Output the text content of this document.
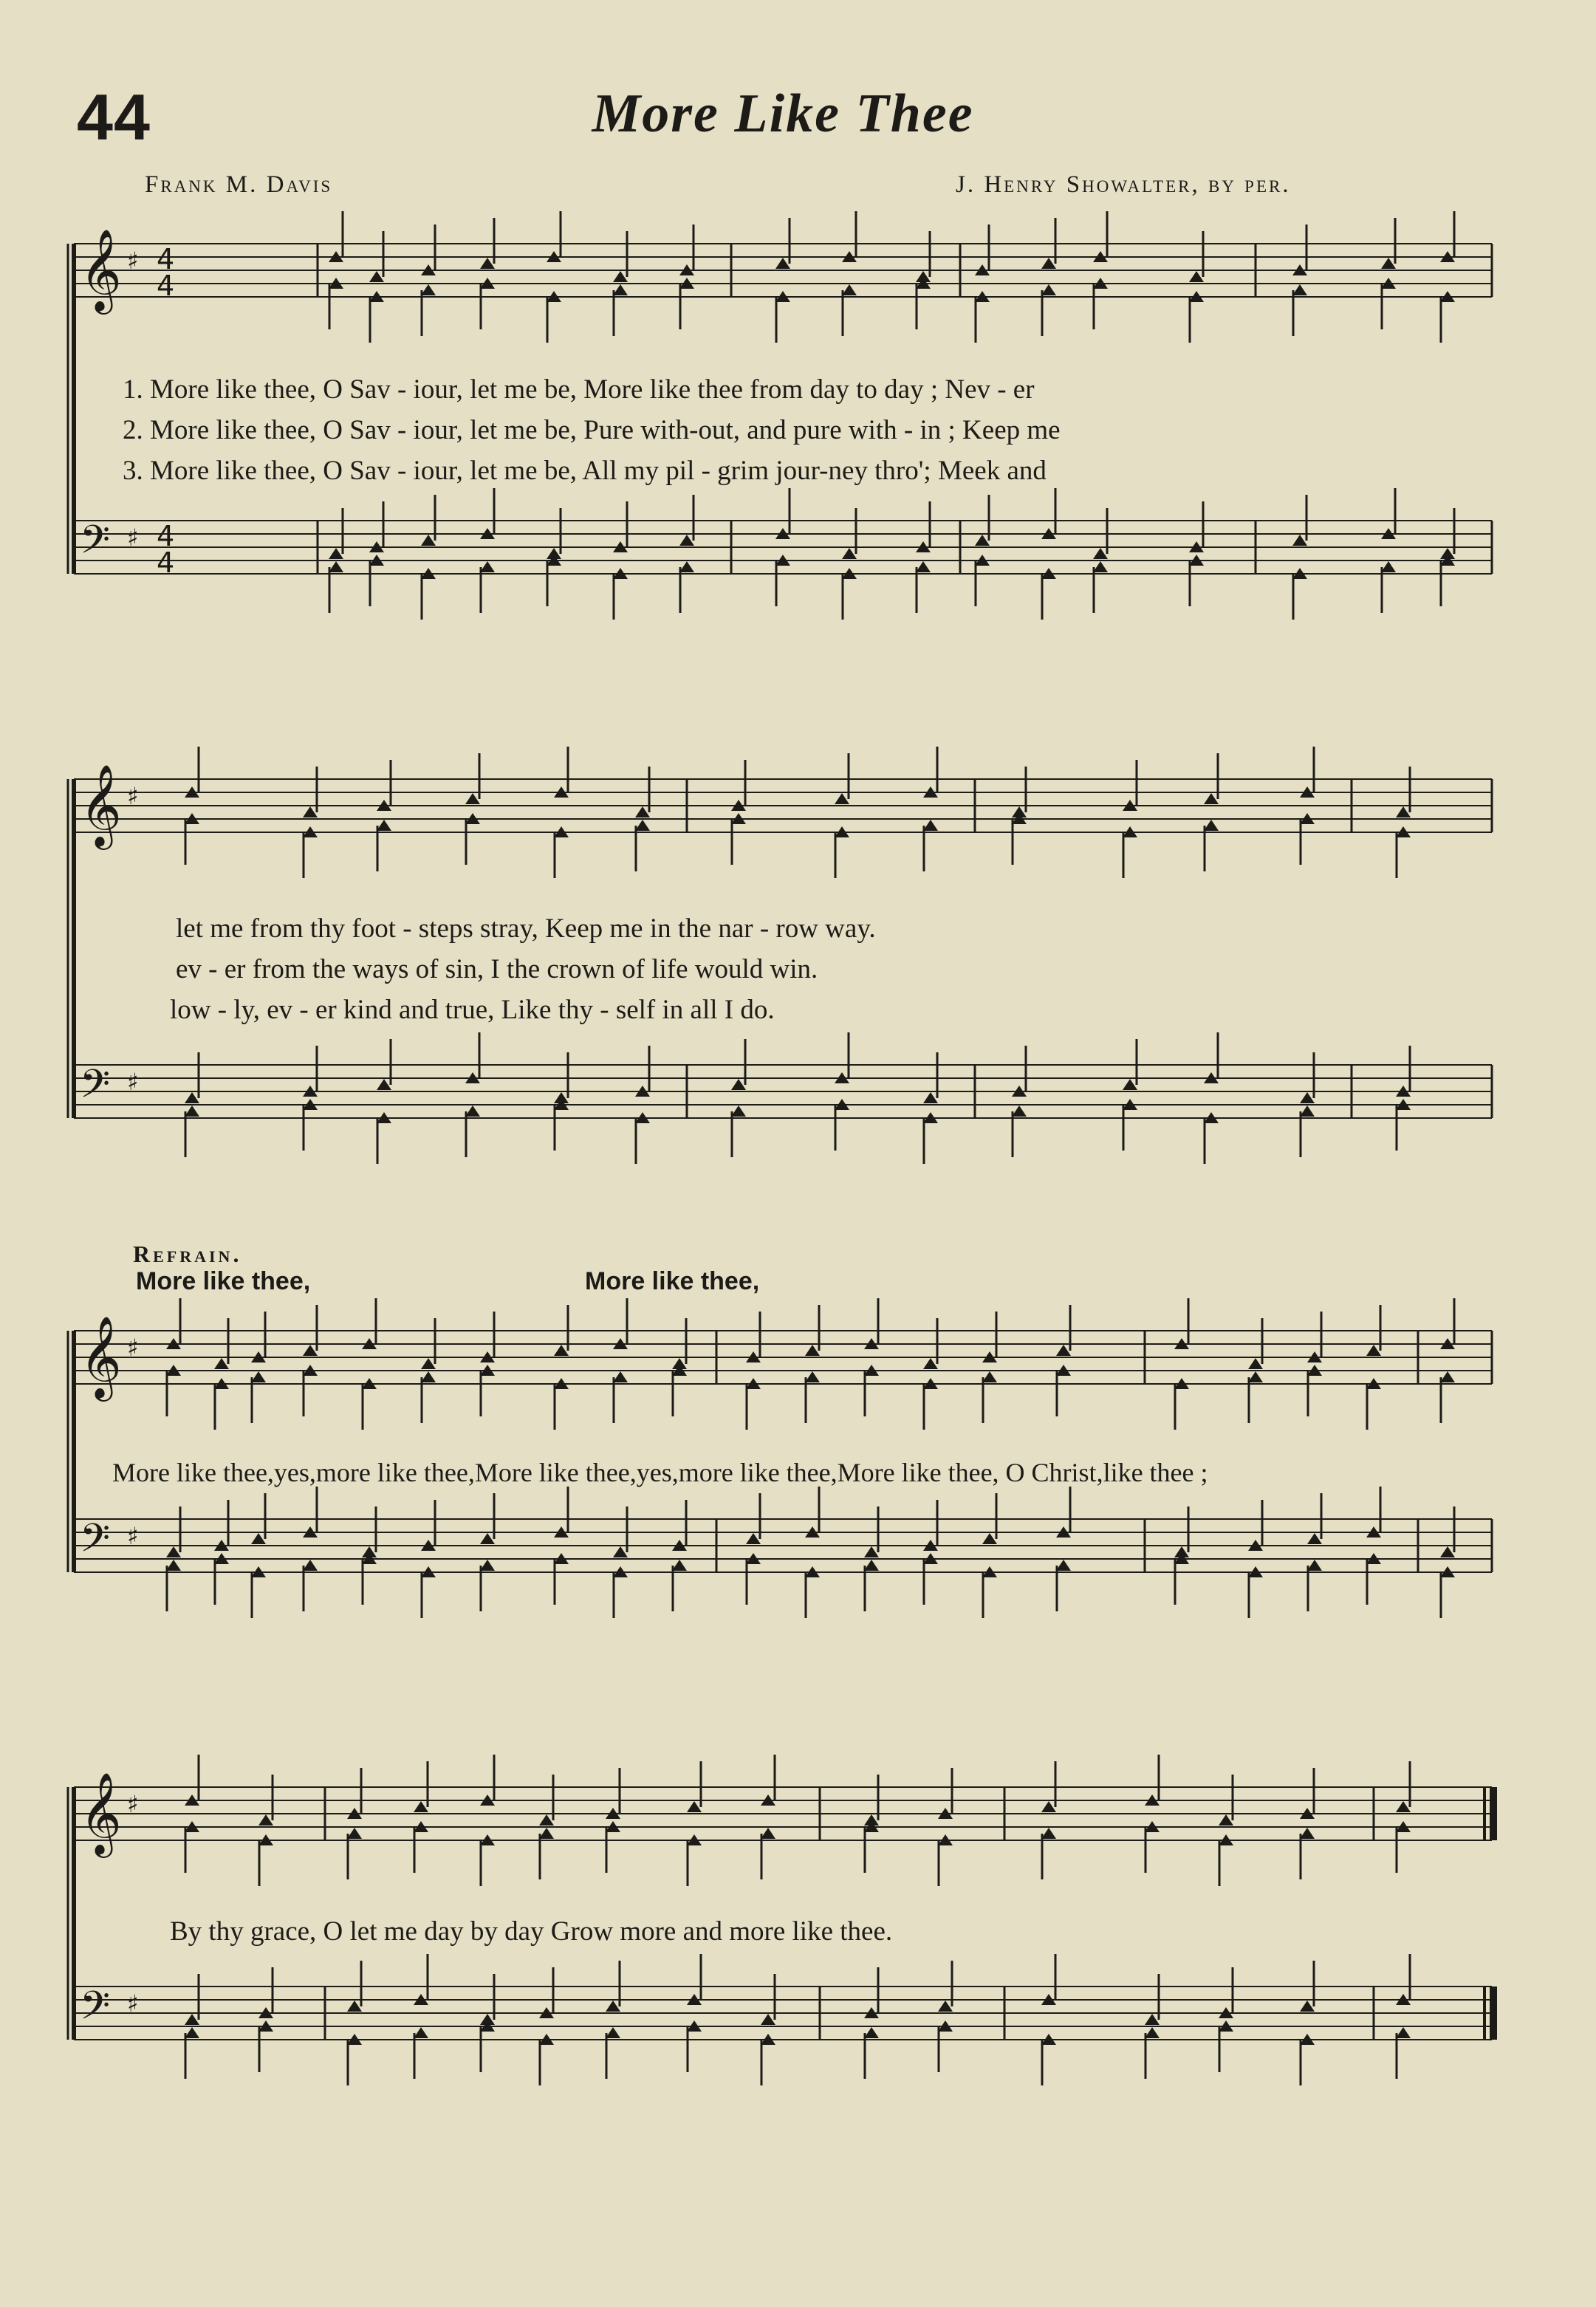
44	More Like Thee
Frank M. Davis	J. Henry Showalter, by per.
𝄞 ♯
𝄢 ♯
𝄞 ♯
𝄢 ♯
𝄞 ♯
𝄢 ♯
𝄞 ♯
𝄢 ♯
4
4
4
4
1. More like thee, O Sav - iour, let me be, More like thee from day to day ; Nev - er
2. More like thee, O Sav - iour, let me be, Pure with-out, and pure with - in ; Keep me
3. More like thee, O Sav - iour, let me be, All my pil - grim jour-ney thro'; Meek and
let me from thy foot - steps stray, Keep me in the nar - row way.
ev - er from the ways of sin, I the crown of life would win.
low - ly, ev - er kind and true, Like thy - self in all I do.
Refrain.
More like thee,	More like thee,
More like thee,yes,more like thee,More like thee,yes,more like thee,More like thee, O Christ,like thee ;
By thy grace, O let me day by day Grow more and more like thee.
